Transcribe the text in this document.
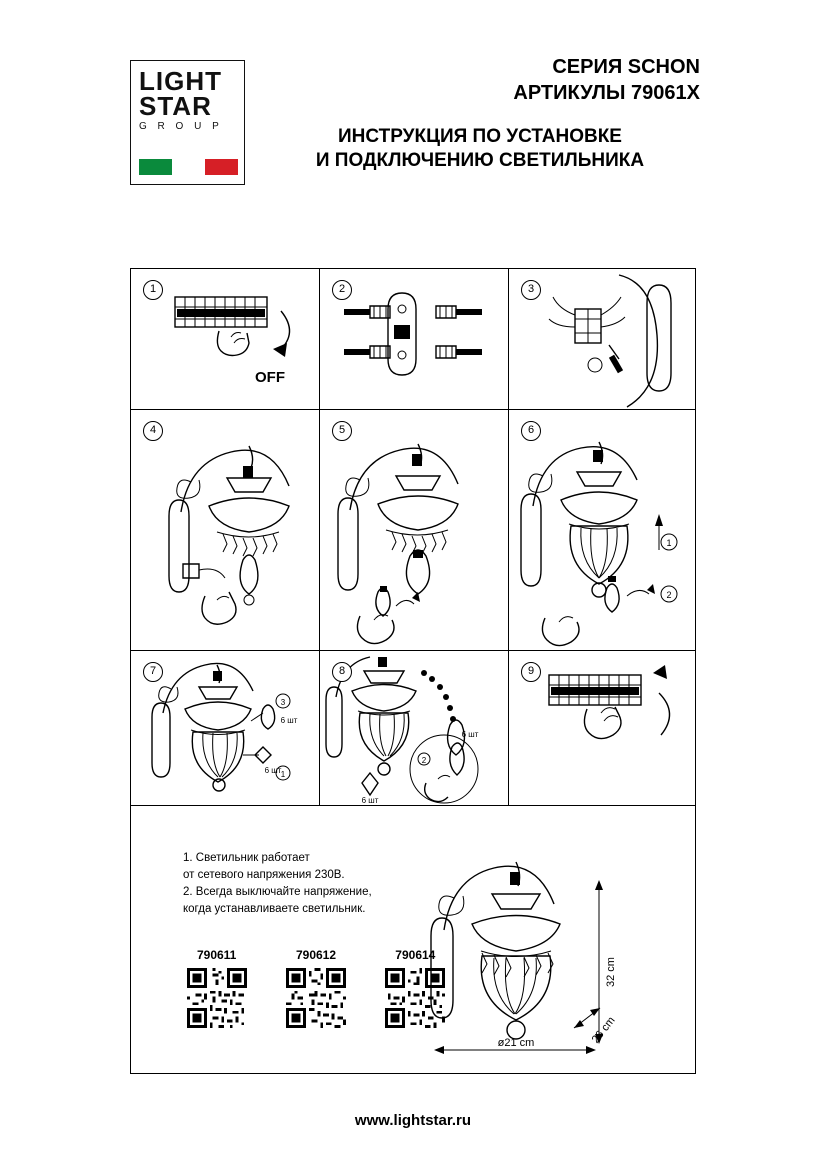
LIGHT
STAR
G R O U P
СЕРИЯ SCHON
АРТИКУЛЫ 79061X
ИНСТРУКЦИЯ ПО УСТАНОВКЕ
И ПОДКЛЮЧЕНИЮ СВЕТИЛЬНИКА
1
OFF
2	3
4	5	6
1
2
7
3
6 шт
1
6 шт
8
6 шт
6 шт
2
9
1. Светильник работает
от сетевого напряжения 230В.
2. Всегда выключайте напряжение,
когда устанавливаете светильник.
790611	790612	790614
32 cm
26 cm
ø21 cm
www.lightstar.ru
